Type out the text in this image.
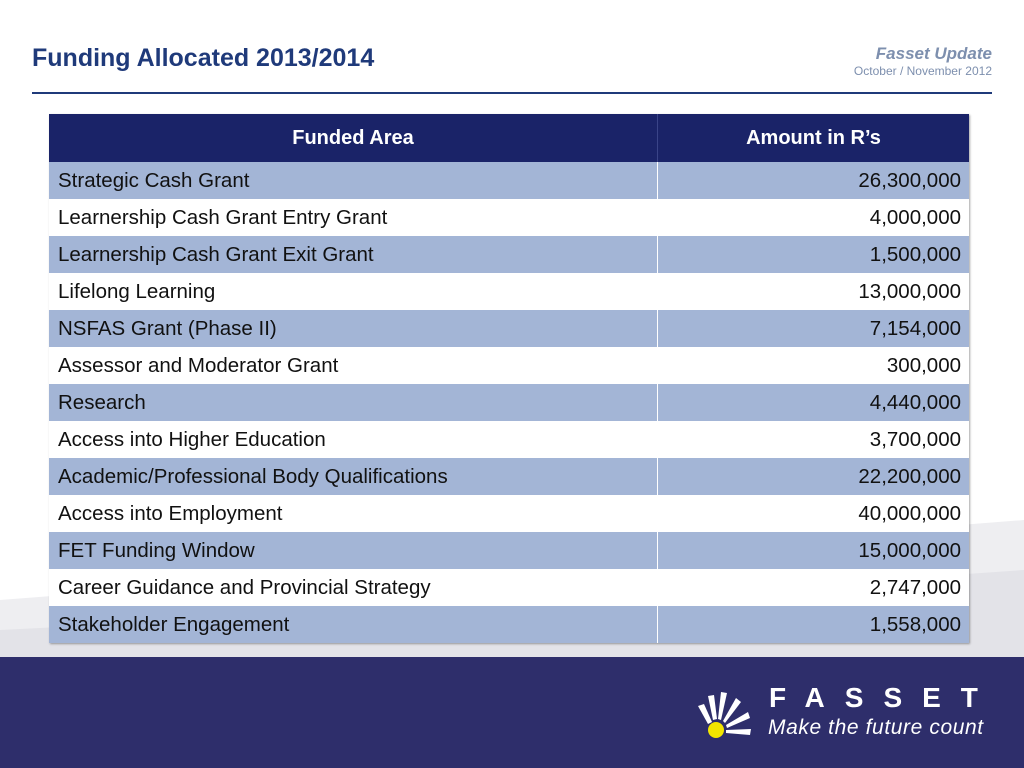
Funding Allocated 2013/2014	Fasset Update
October / November 2012
Funded Area	Amount in R’s
Strategic Cash Grant	26,300,000
Learnership Cash Grant Entry Grant	4,000,000
Learnership Cash Grant Exit Grant	1,500,000
Lifelong Learning	13,000,000
NSFAS Grant (Phase II)	7,154,000
Assessor and Moderator Grant	300,000
Research	4,440,000
Access into Higher Education	3,700,000
Academic/Professional Body Qualifications	22,200,000
Access into Employment	40,000,000
FET Funding Window	15,000,000
Career Guidance and Provincial Strategy	2,747,000
Stakeholder Engagement	1,558,000
FASSET
Make the future count
